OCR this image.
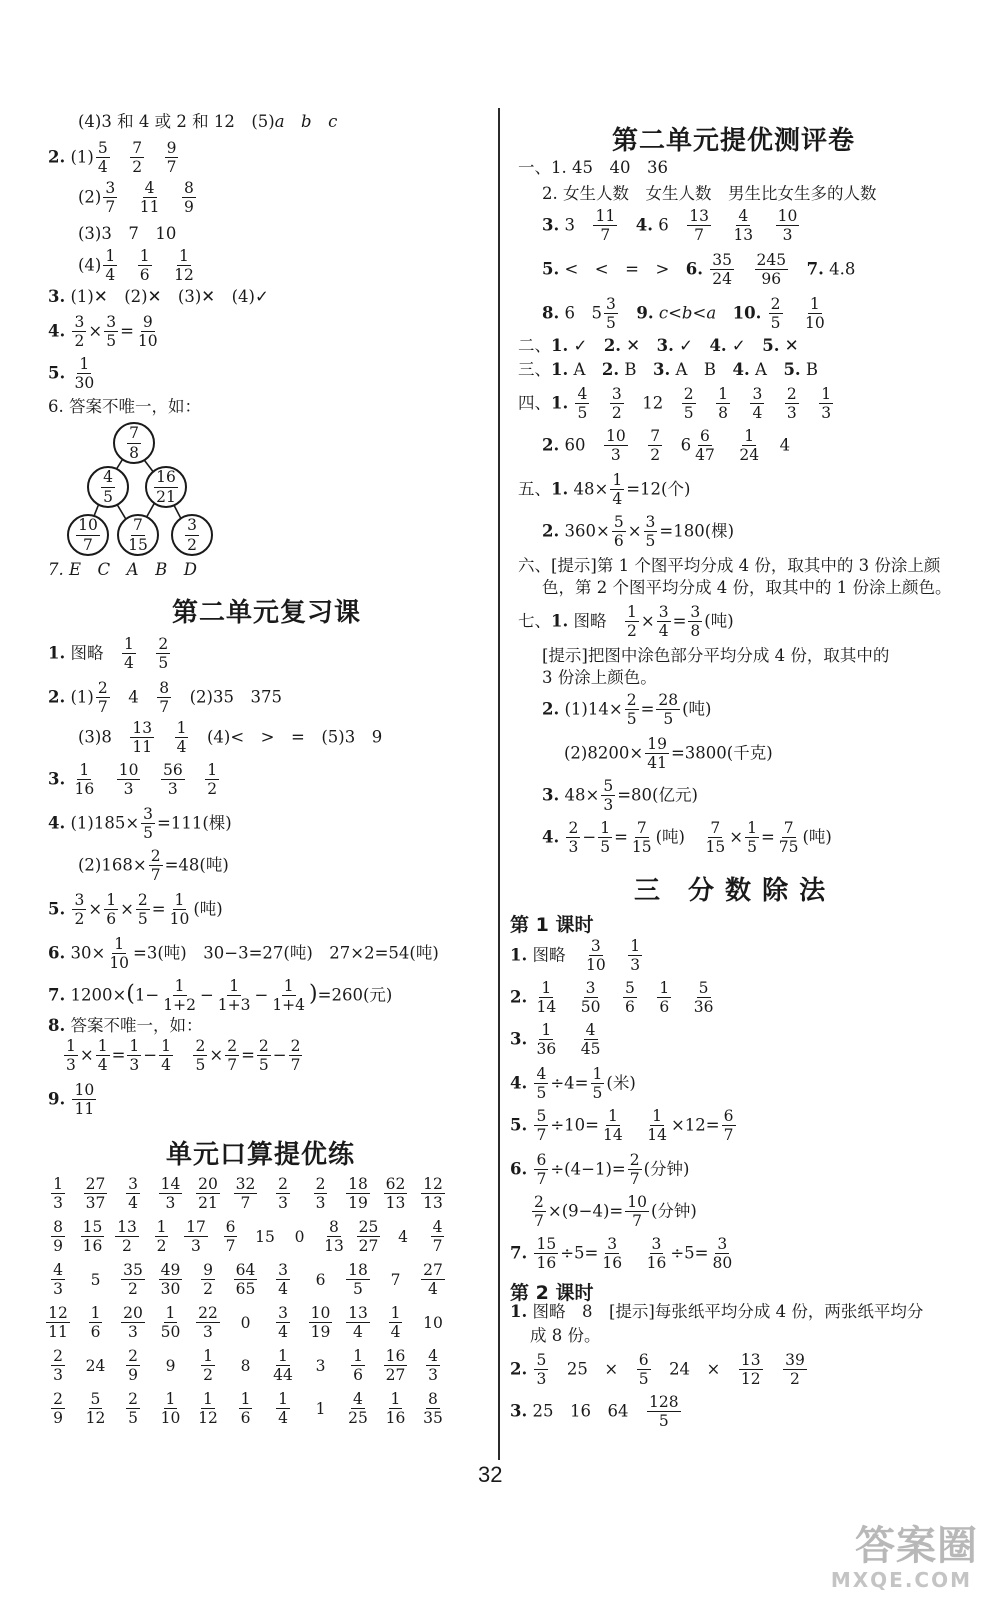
(4)3 和 4 或 2 和 12　(5)a　 b　 c
2. $(1) \frac{5}{4}$
　 $\frac{7}{2}$
　 $\frac{9}{7}$
$(2) \frac{3}{7}$
　 $\frac{4}{11}$
　 $\frac{8}{9}$
(3)3　7　10
$(4) \frac{1}{4}$
　 $\frac{1}{6}$
　 $\frac{1}{12}$
3. (1)✕　(2)✕　(3)✕　(4)✓
4. $\frac{3}{2} \times \frac{3}{5} = \frac{9}{10}$
5. $\frac{1}{30}$
6. 答案不唯一，如：
$\frac{7}{8}$
$\frac{4}{5}$	$\frac{16}{21}$
$\frac{10}{7} \frac{7}{15} \frac{3}{2}$
7. E　C　A　B　D
第二单元复习课
1. 图略　 $\frac{1}{4}$
　 $\frac{2}{5}$
2. $(1) \frac{2}{7}$ 　4　 $\frac{8}{7}$ 　(2)35　375
(3)8　 $\frac{13}{11}$
　 $\frac{1}{4}$ 　(4)<　>　=　(5)3　9
3. $\frac{1}{16}$
　 $\frac{10}{3}$
　 $\frac{56}{3}$
　 $\frac{1}{2}$
4. $(1)185\times \frac{3}{5} =111$(棵)
$(2)168\times \frac{2}{7} =48$(吨)
5. $\frac{3}{2} \times \frac{1}{6} \times \frac{2}{5} = \frac{1}{10}$ (吨)
6. $30\times \frac{1}{10} =3$(吨)　30−3=27(吨)　27×2=54(吨)
7. $1200\times(1- \frac{1}{1+2} - \frac{1}{1+3} - \frac{1}{1+4} )=260$(元)
8. 答案不唯一，如：
$\frac{1}{3} \times \frac{1}{4} = \frac{1}{3} - \frac{1}{4}$
　 $\frac{2}{5} \times \frac{2}{7} = \frac{2}{5} - \frac{2}{7}$
9. $\frac{10}{11}$
单元口算提优练
$\frac{1}{3} \frac{27}{37} \frac{3}{4} \frac{14}{3} \frac{20}{21} \frac{32}{7} \frac{2}{3} \frac{2}{3} \frac{18}{19} \frac{62}{13} \frac{12}{13}$
$\frac{8}{9} \frac{15}{16} \frac{13}{2} \frac{1}{2} \frac{17}{3} \frac{6}{7}$	15	0	$\frac{8}{13} \frac{25}{27}$	4	$\frac{4}{7}$
$\frac{4}{3}$	5	$\frac{35}{2} \frac{49}{30} \frac{9}{2} \frac{64}{65} \frac{3}{4}$	6	$\frac{18}{5}$	7	$\frac{27}{4}$
$\frac{12}{11} \frac{1}{6} \frac{20}{3} \frac{1}{50} \frac{22}{3}$	0	$\frac{3}{4} \frac{10}{19} \frac{13}{4} \frac{1}{4}$	10
$\frac{2}{3}$	24	$\frac{2}{9}$	9	$\frac{1}{2}$	8	$\frac{1}{44}$	3	$\frac{1}{6} \frac{16}{27} \frac{4}{3}$
$\frac{2}{9} \frac{5}{12} \frac{2}{5} \frac{1}{10} \frac{1}{12} \frac{1}{6} \frac{1}{4}$	1	$\frac{4}{25} \frac{1}{16} \frac{8}{35}$
第二单元提优测评卷
一、1. 45　40　36
2. 女生人数　女生人数　男生比女生多的人数
3. 3　 $\frac{11}{7}$
　 4. 6　 $\frac{13}{7}$
　 $\frac{4}{13}$
　 $\frac{10}{3}$
5. <　<　=　>　6. $\frac{35}{24}$
　 $\frac{245}{96}$
　 7. 4.8
8. 6　$5 \frac{3}{5}$
　 9. c<b<a　 10. $\frac{2}{5}$
　 $\frac{1}{10}$
二、1. ✓　 2. ✕　 3. ✓　 4. ✓　 5. ✕
三、1. A　2. B　3. A　B　4. A　5. B
四、1. $\frac{4}{5}$
　 $\frac{3}{2}$ 　12　 $\frac{2}{5}$
　 $\frac{1}{8}$
　 $\frac{3}{4}$
　 $\frac{2}{3}$
　 $\frac{1}{3}$
2. 60　 $\frac{10}{3}$
　 $\frac{7}{2}$ 　$6 \frac{6}{47}$
　 $\frac{1}{24}$ 　4
五、1. $48\times \frac{1}{4} =12$(个)
2. $360\times \frac{5}{6} \times \frac{3}{5} =180$(棵)
六、[提示]第 1 个图平均分成 4 份，取其中的 3 份涂上颜
色，第 2 个图平均分成 4 份，取其中的 1 份涂上颜色。
七、1. 图略　 $\frac{1}{2} \times \frac{3}{4} = \frac{3}{8}$ (吨)
[提示]把图中涂色部分平均分成 4 份，取其中的
3 份涂上颜色。
2. $(1)14\times \frac{2}{5} = \frac{28}{5}$ (吨)
$(2)8200\times \frac{19}{41} =3800$(千克)
3. $48\times \frac{5}{3} =80$(亿元)
4. $\frac{2}{3} - \frac{1}{5} = \frac{7}{15}$ (吨)　 $\frac{7}{15} \times \frac{1}{5} = \frac{7}{75}$ (吨)
三　分 数 除 法
第 1 课时
1. 图略　 $\frac{3}{10}$
　 $\frac{1}{3}$
2. $\frac{1}{14}$
　 $\frac{3}{50}$
　 $\frac{5}{6}$
　 $\frac{1}{6}$
　 $\frac{5}{36}$
3. $\frac{1}{36}$
　 $\frac{4}{45}$
4. $\frac{4}{5} \div 4= \frac{1}{5}$ (米)
5. $\frac{5}{7} \div 10= \frac{1}{14}$
　 $\frac{1}{14} \times 12= \frac{6}{7}$
6. $\frac{6}{7} \div(4-1)= \frac{2}{7}$ (分钟)
$\frac{2}{7} \times(9-4)= \frac{10}{7}$ (分钟)
7. $\frac{15}{16} \div 5= \frac{3}{16}$
　 $\frac{3}{16} \div 5= \frac{3}{80}$
第 2 课时
1. 图略　8　[提示]每张纸平均分成 4 份，两张纸平均分
成 8 份。
2. $\frac{5}{3}$ 　25　×　 $\frac{6}{5}$ 　24　×　 $\frac{13}{12}$
　 $\frac{39}{2}$
3. 25　16　64　 $\frac{128}{5}$
32
答案圈
MXQE.COM
